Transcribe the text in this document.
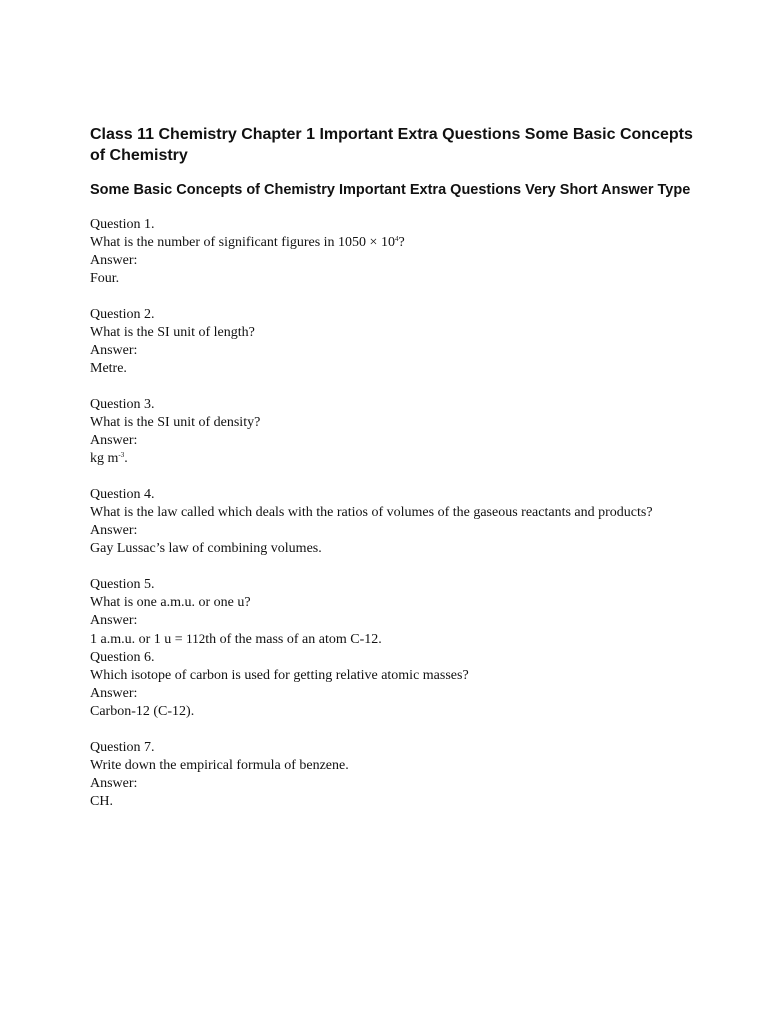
Class 11 Chemistry Chapter 1 Important Extra Questions Some Basic Concepts of Chemistry
Some Basic Concepts of Chemistry Important Extra Questions Very Short Answer Type

Question 1.

What is the number of significant figures in $1050 \times 10^4$?

Answer:

Four.

Question 2.

What is the SI unit of length?

Answer:

Metre.

Question 3.

What is the SI unit of density?

Answer:

kg $m^{-3}$.

Question 4.

What is the law called which deals with the ratios of volumes of the gaseous reactants and products?

Answer:

Gay Lussac’s law of combining volumes.

Question 5.

What is one a.m.u. or one u?

Answer:

1 a.m.u. or 1 u = 112th of the mass of an atom C-12.

Question 6.

Which isotope of carbon is used for getting relative atomic masses?

Answer:

Carbon-12 (C-12).

Question 7.

Write down the empirical formula of benzene.

Answer:

CH.
